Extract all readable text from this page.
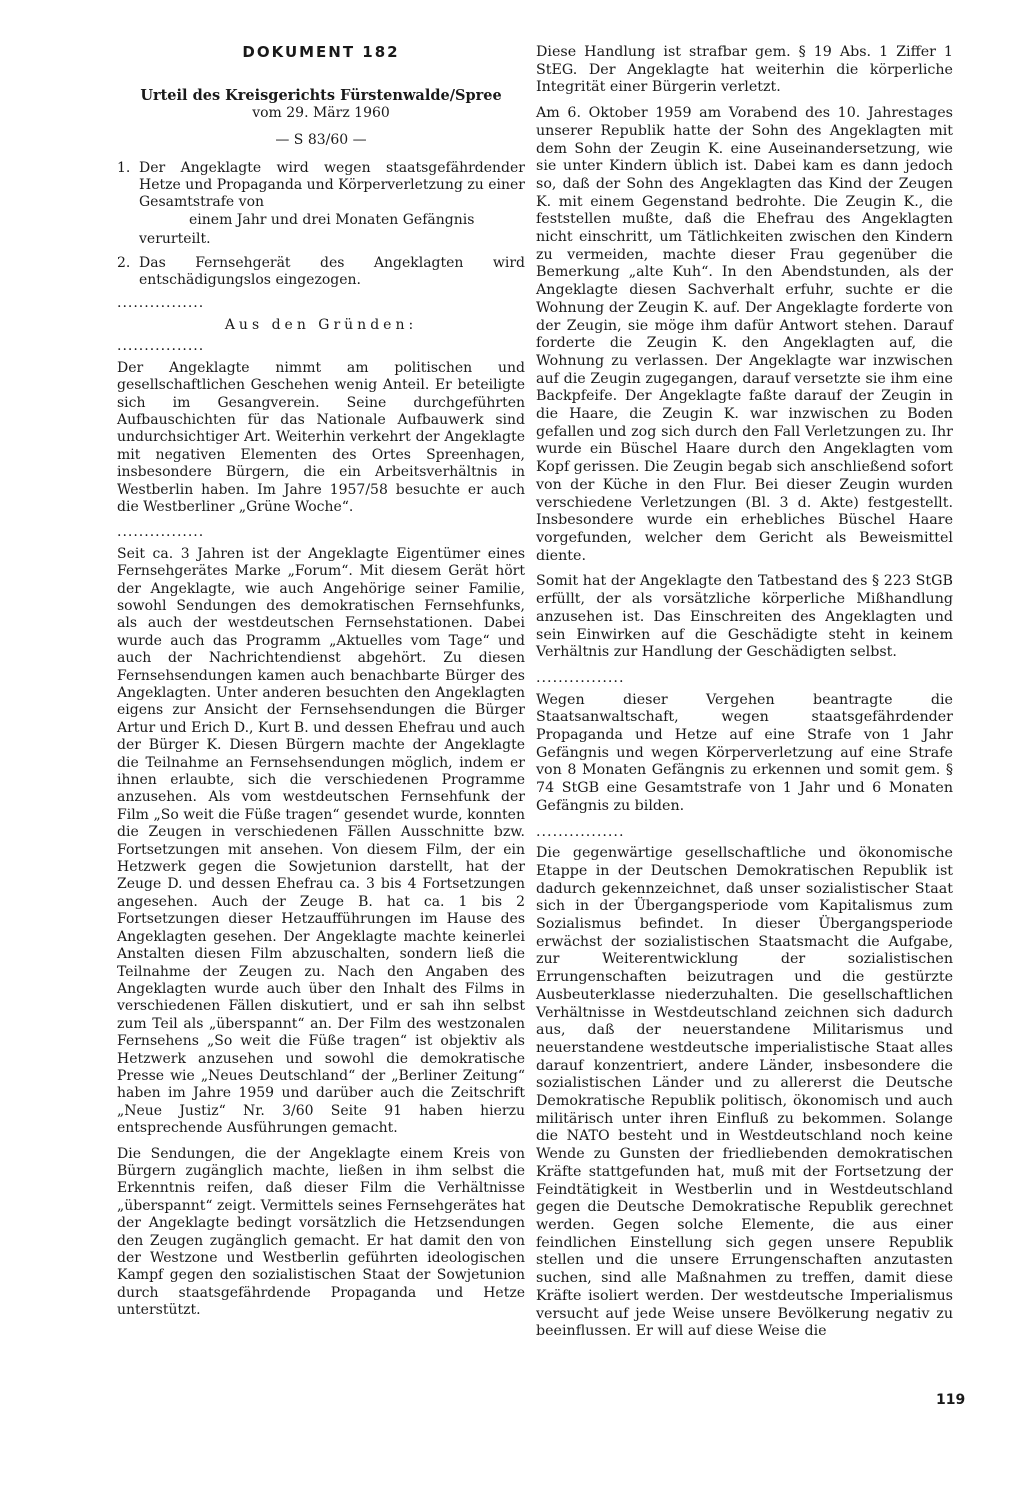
DOKUMENT 182
Urteil des Kreisgerichts Fürstenwalde/Spree
vom 29. März 1960
— S 83/60 —
1. Der Angeklagte wird wegen staatsgefährdender Hetze und Propaganda und Körperverletzung zu einer Gesamtstrafe von
einem Jahr und drei Monaten Gefängnis
verurteilt.
2. Das Fernsehgerät des Angeklagten wird entschädigungslos eingezogen.
................
Aus den Gründen:
................

Der Angeklagte nimmt am politischen und gesellschaftlichen Geschehen wenig Anteil. Er beteiligte sich im Gesangverein. Seine durchgeführten Aufbauschichten für das Nationale Aufbauwerk sind undurchsichtiger Art. Weiterhin verkehrt der Angeklagte mit negativen Elementen des Ortes Spreenhagen, insbesondere Bürgern, die ein Arbeitsverhältnis in Westberlin haben. Im Jahre 1957/58 besuchte er auch die Westberliner „Grüne Woche“.

................

Seit ca. 3 Jahren ist der Angeklagte Eigentümer eines Fernsehgerätes Marke „Forum“. Mit diesem Gerät hört der Angeklagte, wie auch Angehörige seiner Familie, sowohl Sendungen des demokratischen Fernsehfunks, als auch der westdeutschen Fernsehstationen. Dabei wurde auch das Programm „Aktuelles vom Tage“ und auch der Nachrichtendienst abgehört. Zu diesen Fernsehsendungen kamen auch benachbarte Bürger des Angeklagten. Unter anderen besuchten den Angeklagten eigens zur Ansicht der Fernsehsendungen die Bürger Artur und Erich D., Kurt B. und dessen Ehefrau und auch der Bürger K. Diesen Bürgern machte der Angeklagte die Teilnahme an Fernsehsendungen möglich, indem er ihnen erlaubte, sich die verschiedenen Programme anzusehen. Als vom westdeutschen Fernsehfunk der Film „So weit die Füße tragen“ gesendet wurde, konnten die Zeugen in verschiedenen Fällen Ausschnitte bzw. Fortsetzungen mit ansehen. Von diesem Film, der ein Hetzwerk gegen die Sowjetunion darstellt, hat der Zeuge D. und dessen Ehefrau ca. 3 bis 4 Fortsetzungen angesehen. Auch der Zeuge B. hat ca. 1 bis 2 Fortsetzungen dieser Hetzaufführungen im Hause des Angeklagten gesehen. Der Angeklagte machte keinerlei Anstalten diesen Film abzuschalten, sondern ließ die Teilnahme der Zeugen zu. Nach den Angaben des Angeklagten wurde auch über den Inhalt des Films in verschiedenen Fällen diskutiert, und er sah ihn selbst zum Teil als „überspannt“ an. Der Film des westzonalen Fernsehens „So weit die Füße tragen“ ist objektiv als Hetzwerk anzusehen und sowohl die demokratische Presse wie „Neues Deutschland“ der „Berliner Zeitung“ haben im Jahre 1959 und darüber auch die Zeitschrift „Neue Justiz“ Nr. 3/60 Seite 91 haben hierzu entsprechende Ausführungen gemacht.

Die Sendungen, die der Angeklagte einem Kreis von Bürgern zugänglich machte, ließen in ihm selbst die Erkenntnis reifen, daß dieser Film die Verhältnisse „überspannt“ zeigt. Vermittels seines Fernsehgerätes hat der Angeklagte bedingt vorsätzlich die Hetzsendungen den Zeugen zugänglich gemacht. Er hat damit den von der Westzone und Westberlin geführten ideologischen Kampf gegen den sozialistischen Staat der Sowjetunion durch staatsgefährdende Propaganda und Hetze unterstützt.

Diese Handlung ist strafbar gem. § 19 Abs. 1 Ziffer 1 StEG. Der Angeklagte hat weiterhin die körperliche Integrität einer Bürgerin verletzt.

Am 6. Oktober 1959 am Vorabend des 10. Jahrestages unserer Republik hatte der Sohn des Angeklagten mit dem Sohn der Zeugin K. eine Auseinandersetzung, wie sie unter Kindern üblich ist. Dabei kam es dann jedoch so, daß der Sohn des Angeklagten das Kind der Zeugen K. mit einem Gegenstand bedrohte. Die Zeugin K., die feststellen mußte, daß die Ehefrau des Angeklagten nicht einschritt, um Tätlichkeiten zwischen den Kindern zu vermeiden, machte dieser Frau gegenüber die Bemerkung „alte Kuh“. In den Abendstunden, als der Angeklagte diesen Sachverhalt erfuhr, suchte er die Wohnung der Zeugin K. auf. Der Angeklagte forderte von der Zeugin, sie möge ihm dafür Antwort stehen. Darauf forderte die Zeugin K. den Angeklagten auf, die Wohnung zu verlassen. Der Angeklagte war inzwischen auf die Zeugin zugegangen, darauf versetzte sie ihm eine Backpfeife. Der Angeklagte faßte darauf der Zeugin in die Haare, die Zeugin K. war inzwischen zu Boden gefallen und zog sich durch den Fall Verletzungen zu. Ihr wurde ein Büschel Haare durch den Angeklagten vom Kopf gerissen. Die Zeugin begab sich anschließend sofort von der Küche in den Flur. Bei dieser Zeugin wurden verschiedene Verletzungen (Bl. 3 d. Akte) festgestellt. Insbesondere wurde ein erhebliches Büschel Haare vorgefunden, welcher dem Gericht als Beweismittel diente.

Somit hat der Angeklagte den Tatbestand des § 223 StGB erfüllt, der als vorsätzliche körperliche Mißhandlung anzusehen ist. Das Einschreiten des Angeklagten und sein Einwirken auf die Geschädigte steht in keinem Verhältnis zur Handlung der Geschädigten selbst.

................

Wegen dieser Vergehen beantragte die Staatsanwaltschaft, wegen staatsgefährdender Propaganda und Hetze auf eine Strafe von 1 Jahr Gefängnis und wegen Körperverletzung auf eine Strafe von 8 Monaten Gefängnis zu erkennen und somit gem. § 74 StGB eine Gesamtstrafe von 1 Jahr und 6 Monaten Gefängnis zu bilden.

................

Die gegenwärtige gesellschaftliche und ökonomische Etappe in der Deutschen Demokratischen Republik ist dadurch gekennzeichnet, daß unser sozialistischer Staat sich in der Übergangsperiode vom Kapitalismus zum Sozialismus befindet. In dieser Übergangsperiode erwächst der sozialistischen Staatsmacht die Aufgabe, zur Weiterentwicklung der sozialistischen Errungenschaften beizutragen und die gestürzte Ausbeuterklasse niederzuhalten. Die gesellschaftlichen Verhältnisse in Westdeutschland zeichnen sich dadurch aus, daß der neuerstandene Militarismus und neuerstandene westdeutsche imperialistische Staat alles darauf konzentriert, andere Länder, insbesondere die sozialistischen Länder und zu allererst die Deutsche Demokratische Republik politisch, ökonomisch und auch militärisch unter ihren Einfluß zu bekommen. Solange die NATO besteht und in Westdeutschland noch keine Wende zu Gunsten der friedliebenden demokratischen Kräfte stattgefunden hat, muß mit der Fortsetzung der Feindtätigkeit in Westberlin und in Westdeutschland gegen die Deutsche Demokratische Republik gerechnet werden. Gegen solche Elemente, die aus einer feindlichen Einstellung sich gegen unsere Republik stellen und die unsere Errungenschaften anzutasten suchen, sind alle Maßnahmen zu treffen, damit diese Kräfte isoliert werden. Der westdeutsche Imperialismus versucht auf jede Weise unsere Bevölkerung negativ zu beeinflussen. Er will auf diese Weise die

119
